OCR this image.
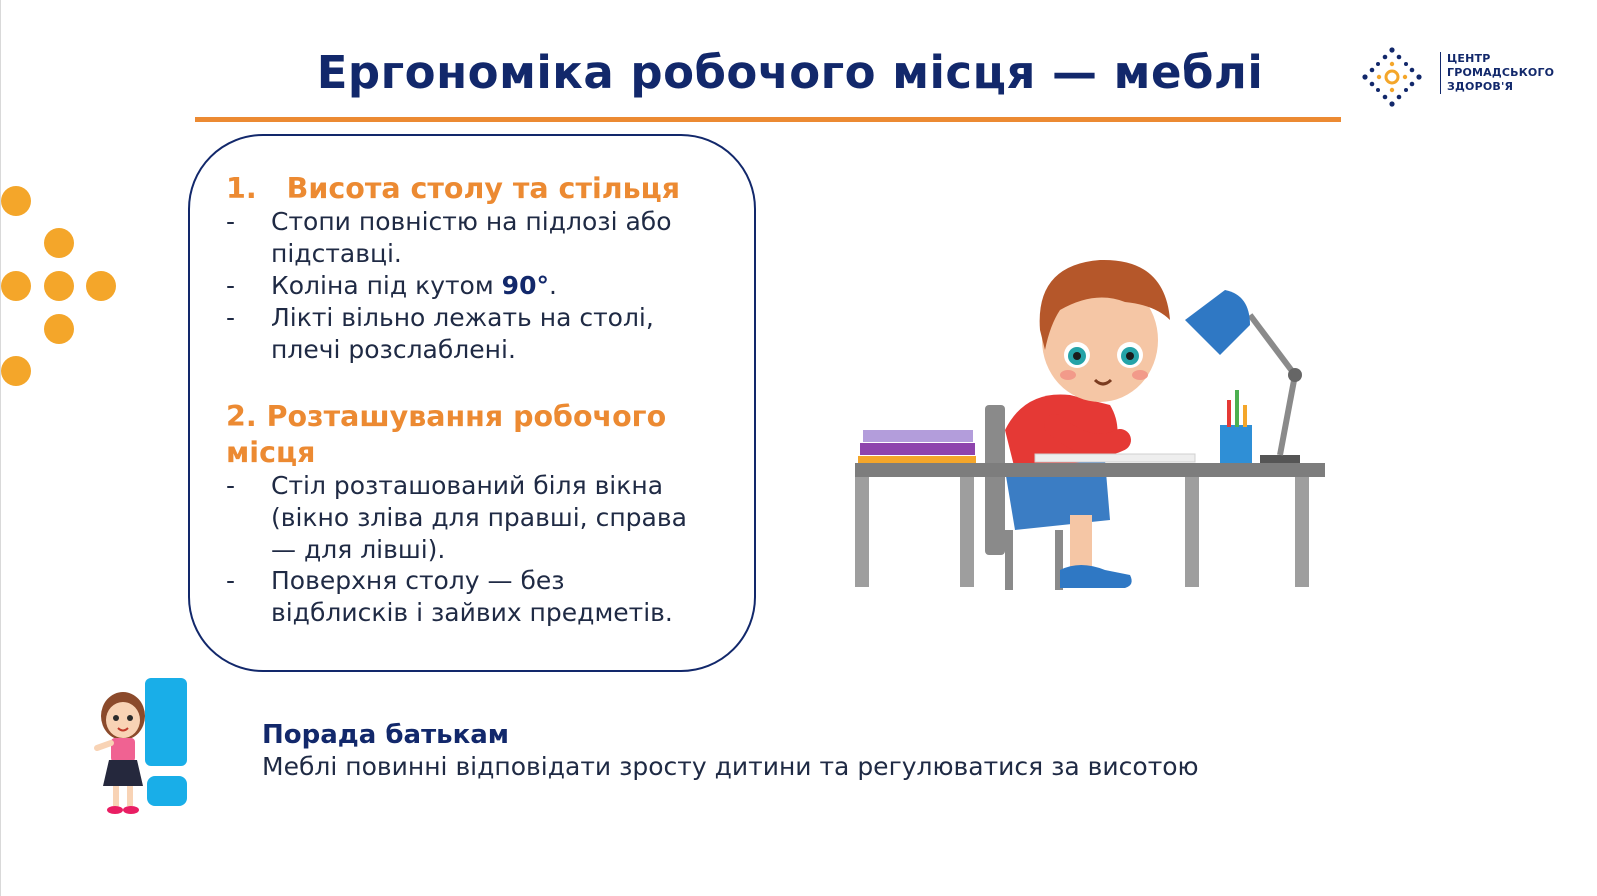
Ергономіка робочого місця — меблі	ЦЕНТР
ГРОМАДСЬКОГО
ЗДОРОВ'Я
1. Висота столу та стільця
- Стопи повністю на підлозі або
підставці.
- Коліна під кутом 90°.
- Лікті вільно лежать на столі,
плечі розслаблені.
2. Розташування робочого
місця
- Стіл розташований біля вікна
(вікно зліва для правші, справа
— для лівші).
- Поверхня столу — без
відблисків і зайвих предметів.
Порада батькам
Меблі повинні відповідати зросту дитини та регулюватися за висотою
